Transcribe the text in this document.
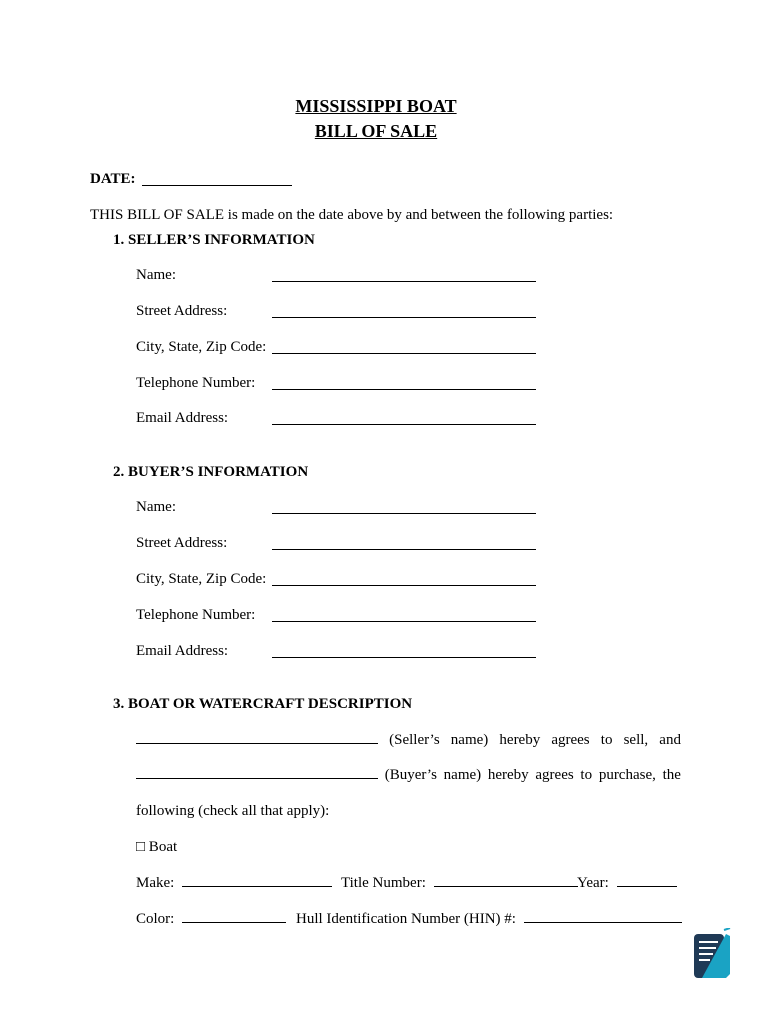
MISSISSIPPI BOAT
BILL OF SALE
DATE:
THIS BILL OF SALE is made on the date above by and between the following parties:
1. SELLER’S INFORMATION
Name:
Street Address:
City, State, Zip Code:
Telephone Number:
Email Address:
2. BUYER’S INFORMATION
Name:
Street Address:
City, State, Zip Code:
Telephone Number:
Email Address:
3. BOAT OR WATERCRAFT DESCRIPTION
(Seller’s name) hereby agrees to sell, and
(Buyer’s name) hereby agrees to purchase, the
following (check all that apply):
□ Boat
Make:	Title Number:	Year:
Color:	Hull Identification Number (HIN) #:
